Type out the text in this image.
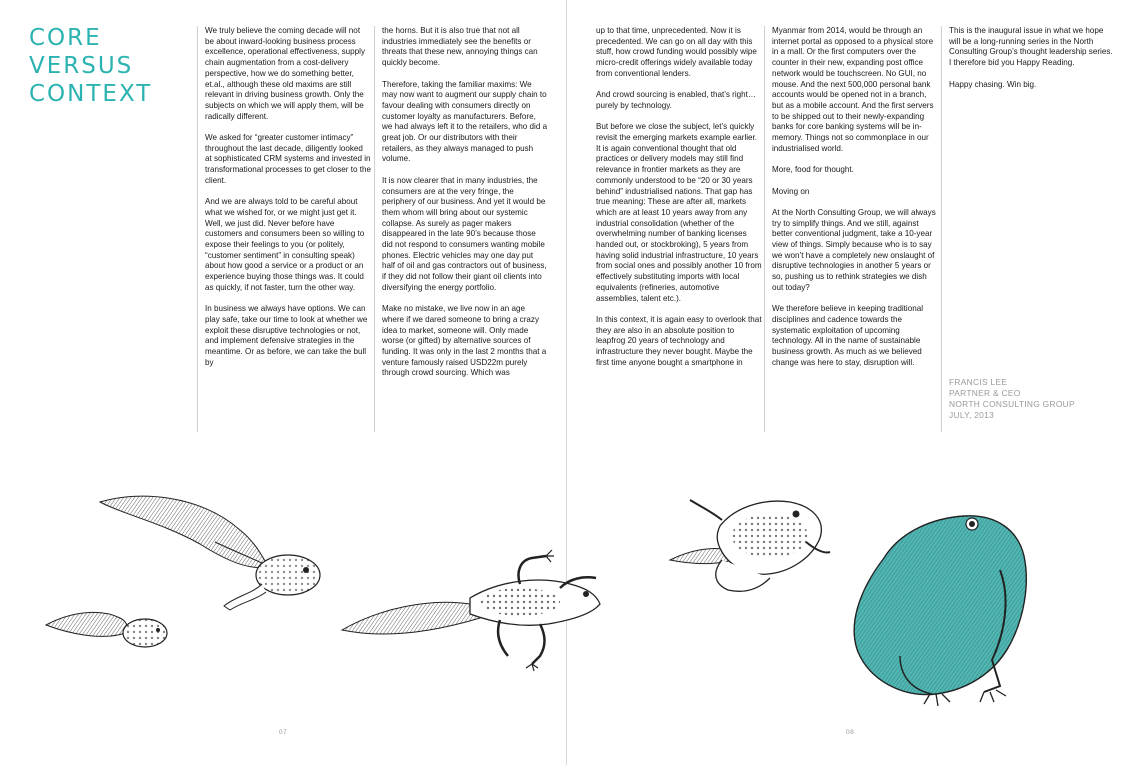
CORE
VERSUS
CONTEXT

We truly believe the coming decade will not be about inward-looking business process excellence, operational effectiveness, supply chain augmentation from a cost-delivery perspective, how we do something better, et.al., although these old maxims are still relevant in driving business growth. Only the subjects on which we will apply them, will be radically different.

We asked for “greater customer intimacy” throughout the last decade, diligently looked at sophisticated CRM systems and invested in transformational processes to get closer to the client.

And we are always told to be careful about what we wished for, or we might just get it. Well, we just did. Never before have customers and consumers been so willing to expose their feelings to you (or politely, “customer sentiment” in consulting speak) about how good a service or a product or an experience buying those things was. It could as quickly, if not faster, turn the other way.

In business we always have options. We can play safe, take our time to look at whether we exploit these disruptive technologies or not, and implement defensive strategies in the meantime. Or as before, we can take the bull by

the horns. But it is also true that not all industries immediately see the benefits or threats that these new, annoying things can quickly become.

Therefore, taking the familiar maxims: We may now want to augment our supply chain to favour dealing with consumers directly on customer loyalty as manufacturers. Before, we had always left it to the retailers, who did a great job. Or our distributors with their retailers, as they always managed to push volume.

It is now clearer that in many industries, the consumers are at the very fringe, the periphery of our business. And yet it would be them whom will bring about our systemic collapse. As surely as pager makers disappeared in the late 90’s because those did not respond to consumers wanting mobile phones. Electric vehicles may one day put half of oil and gas contractors out of business, if they did not follow their giant oil clients into diversifying the energy portfolio.

Make no mistake, we live now in an age where if we dared someone to bring a crazy idea to market, someone will. Only made worse (or gifted) by alternative sources of funding. It was only in the last 2 months that a venture famously raised USD22m purely through crowd sourcing. Which was

up to that time, unprecedented. Now it is precedented. We can go on all day with this stuff, how crowd funding would possibly wipe micro-credit offerings widely available today from conventional lenders.

And crowd sourcing is enabled, that’s right… purely by technology.

But before we close the subject, let’s quickly revisit the emerging markets example earlier. It is again conventional thought that old practices or delivery models may still find relevance in frontier markets as they are commonly understood to be “20 or 30 years behind” industrialised nations. That gap has true meaning: These are after all, markets which are at least 10 years away from any industrial consolidation (whether of the overwhelming number of banking licenses handed out, or stockbroking), 5 years from having solid industrial infrastructure, 10 years from social ones and possibly another 10 from effectively substituting imports with local equivalents (refineries, automotive assemblies, talent etc.).

In this context, it is again easy to overlook that they are also in an absolute position to leapfrog 20 years of technology and infrastructure they never bought. Maybe the first time anyone bought a smartphone in

Myanmar from 2014, would be through an internet portal as opposed to a physical store in a mall. Or the first computers over the counter in their new, expanding post office network would be touchscreen. No GUI, no mouse. And the next 500,000 personal bank accounts would be opened not in a branch, but as a mobile account. And the first servers to be shipped out to their newly-expanding banks for core banking systems will be in-memory. Things not so commonplace in our industrialised world.

More, food for thought.

Moving on

At the North Consulting Group, we will always try to simplify things. And we still, against better conventional judgment, take a 10-year view of things. Simply because who is to say we won’t have a completely new onslaught of disruptive technologies in another 5 years or so, pushing us to rethink strategies we dish out today?

We therefore believe in keeping traditional disciplines and cadence towards the systematic exploitation of upcoming technology. All in the name of sustainable business growth. As much as we believed change was here to stay, disruption will.

This is the inaugural issue in what we hope will be a long-running series in the North Consulting Group’s thought leadership series. I therefore bid you Happy Reading.

Happy chasing. Win big.

FRANCIS LEE
PARTNER & CEO
NORTH CONSULTING GROUP
JULY, 2013
07	08
